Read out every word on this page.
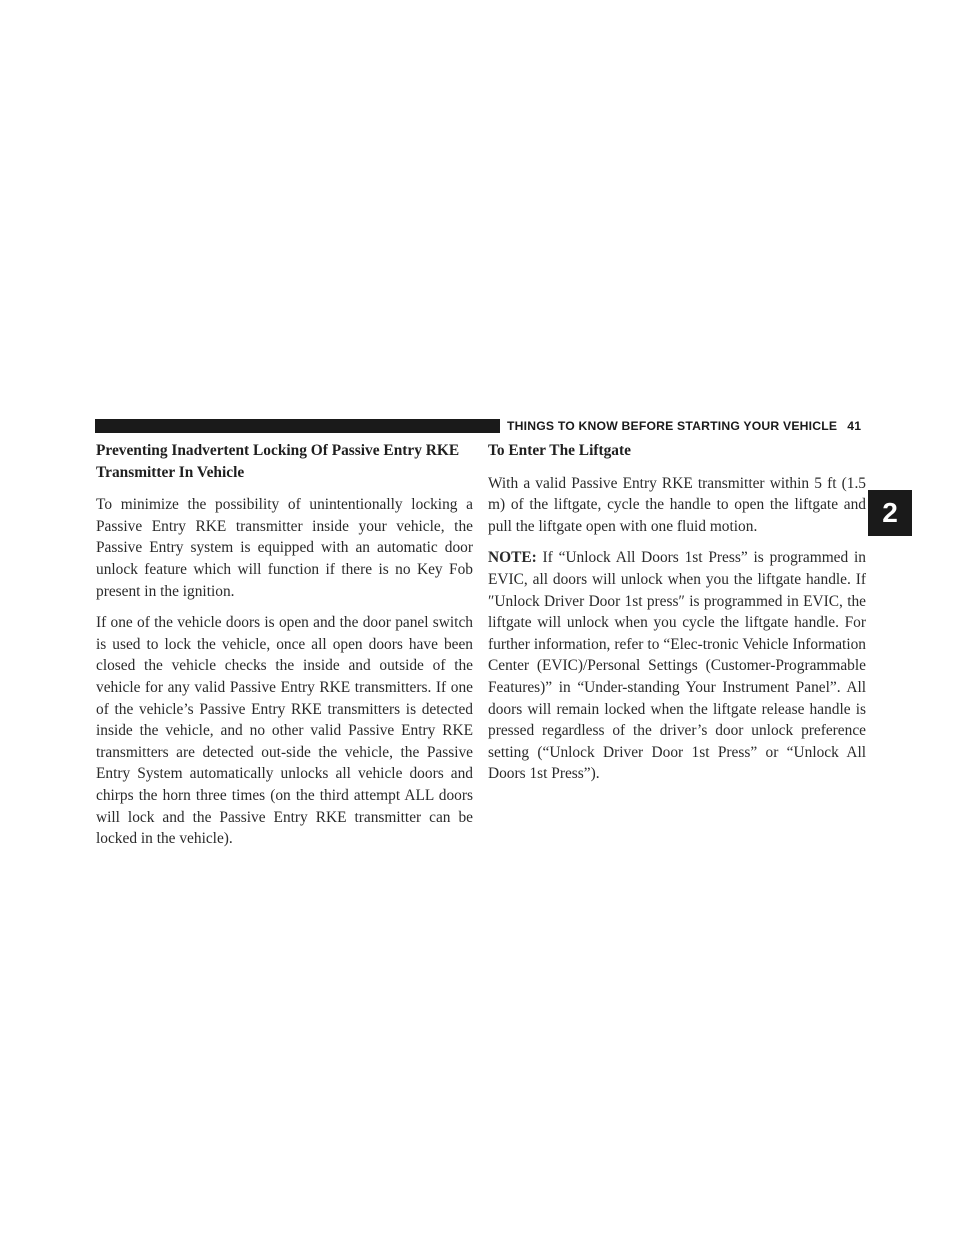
THINGS TO KNOW BEFORE STARTING YOUR VEHICLE 41
2
Preventing Inadvertent Locking Of Passive Entry RKE Transmitter In Vehicle

To minimize the possibility of unintentionally locking a Passive Entry RKE transmitter inside your vehicle, the Passive Entry system is equipped with an automatic door unlock feature which will function if there is no Key Fob present in the ignition.

If one of the vehicle doors is open and the door panel switch is used to lock the vehicle, once all open doors have been closed the vehicle checks the inside and outside of the vehicle for any valid Passive Entry RKE transmitters. If one of the vehicle’s Passive Entry RKE transmitters is detected inside the vehicle, and no other valid Passive Entry RKE transmitters are detected out-side the vehicle, the Passive Entry System automatically unlocks all vehicle doors and chirps the horn three times (on the third attempt ALL doors will lock and the Passive Entry RKE transmitter can be locked in the vehicle).

To Enter The Liftgate

With a valid Passive Entry RKE transmitter within 5 ft (1.5 m) of the liftgate, cycle the handle to open the liftgate and pull the liftgate open with one fluid motion.

NOTE: If “Unlock All Doors 1st Press” is programmed in EVIC, all doors will unlock when you the liftgate handle. If ″Unlock Driver Door 1st press″ is programmed in EVIC, the liftgate will unlock when you cycle the liftgate handle. For further information, refer to “Elec-tronic Vehicle Information Center (EVIC)/Personal Settings (Customer-Programmable Features)” in “Under-standing Your Instrument Panel”. All doors will remain locked when the liftgate release handle is pressed regardless of the driver’s door unlock preference setting (“Unlock Driver Door 1st Press” or “Unlock All Doors 1st Press”).
